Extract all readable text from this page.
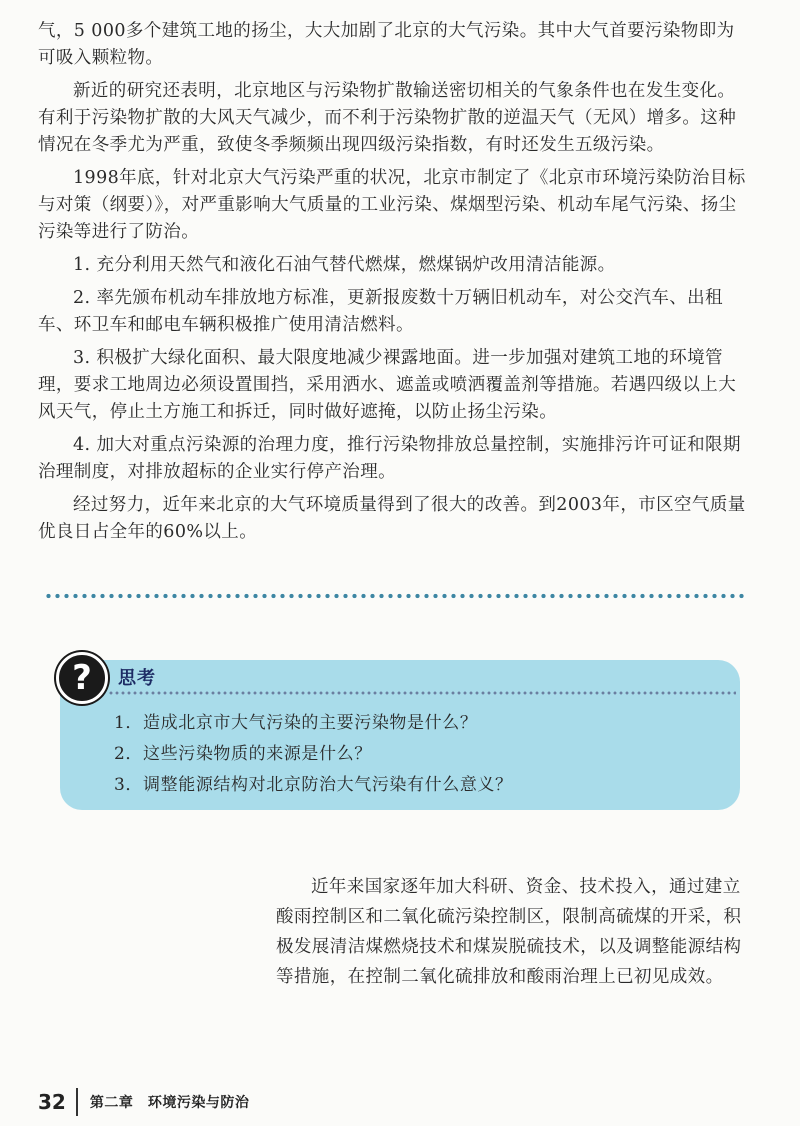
气，5 000多个建筑工地的扬尘，大大加剧了北京的大气污染。其中大气首要污染物即为可吸入颗粒物。

新近的研究还表明，北京地区与污染物扩散输送密切相关的气象条件也在发生变化。有利于污染物扩散的大风天气减少，而不利于污染物扩散的逆温天气（无风）增多。这种情况在冬季尤为严重，致使冬季频频出现四级污染指数，有时还发生五级污染。

1998年底，针对北京大气污染严重的状况，北京市制定了《北京市环境污染防治目标与对策（纲要）》，对严重影响大气质量的工业污染、煤烟型污染、机动车尾气污染、扬尘污染等进行了防治。

1. 充分利用天然气和液化石油气替代燃煤，燃煤锅炉改用清洁能源。

2. 率先颁布机动车排放地方标准，更新报废数十万辆旧机动车，对公交汽车、出租车、环卫车和邮电车辆积极推广使用清洁燃料。

3. 积极扩大绿化面积、最大限度地减少裸露地面。进一步加强对建筑工地的环境管理，要求工地周边必须设置围挡，采用洒水、遮盖或喷洒覆盖剂等措施。若遇四级以上大风天气，停止土方施工和拆迁，同时做好遮掩，以防止扬尘污染。

4. 加大对重点污染源的治理力度，推行污染物排放总量控制，实施排污许可证和限期治理制度，对排放超标的企业实行停产治理。

经过努力，近年来北京的大气环境质量得到了很大的改善。到2003年，市区空气质量优良日占全年的60%以上。

?	思考
1．造成北京市大气污染的主要污染物是什么？
2．这些污染物质的来源是什么？
3．调整能源结构对北京防治大气污染有什么意义？

近年来国家逐年加大科研、资金、技术投入，通过建立酸雨控制区和二氧化硫污染控制区，限制高硫煤的开采，积极发展清洁煤燃烧技术和煤炭脱硫技术，以及调整能源结构等措施，在控制二氧化硫排放和酸雨治理上已初见成效。

32 第二章　环境污染与防治
